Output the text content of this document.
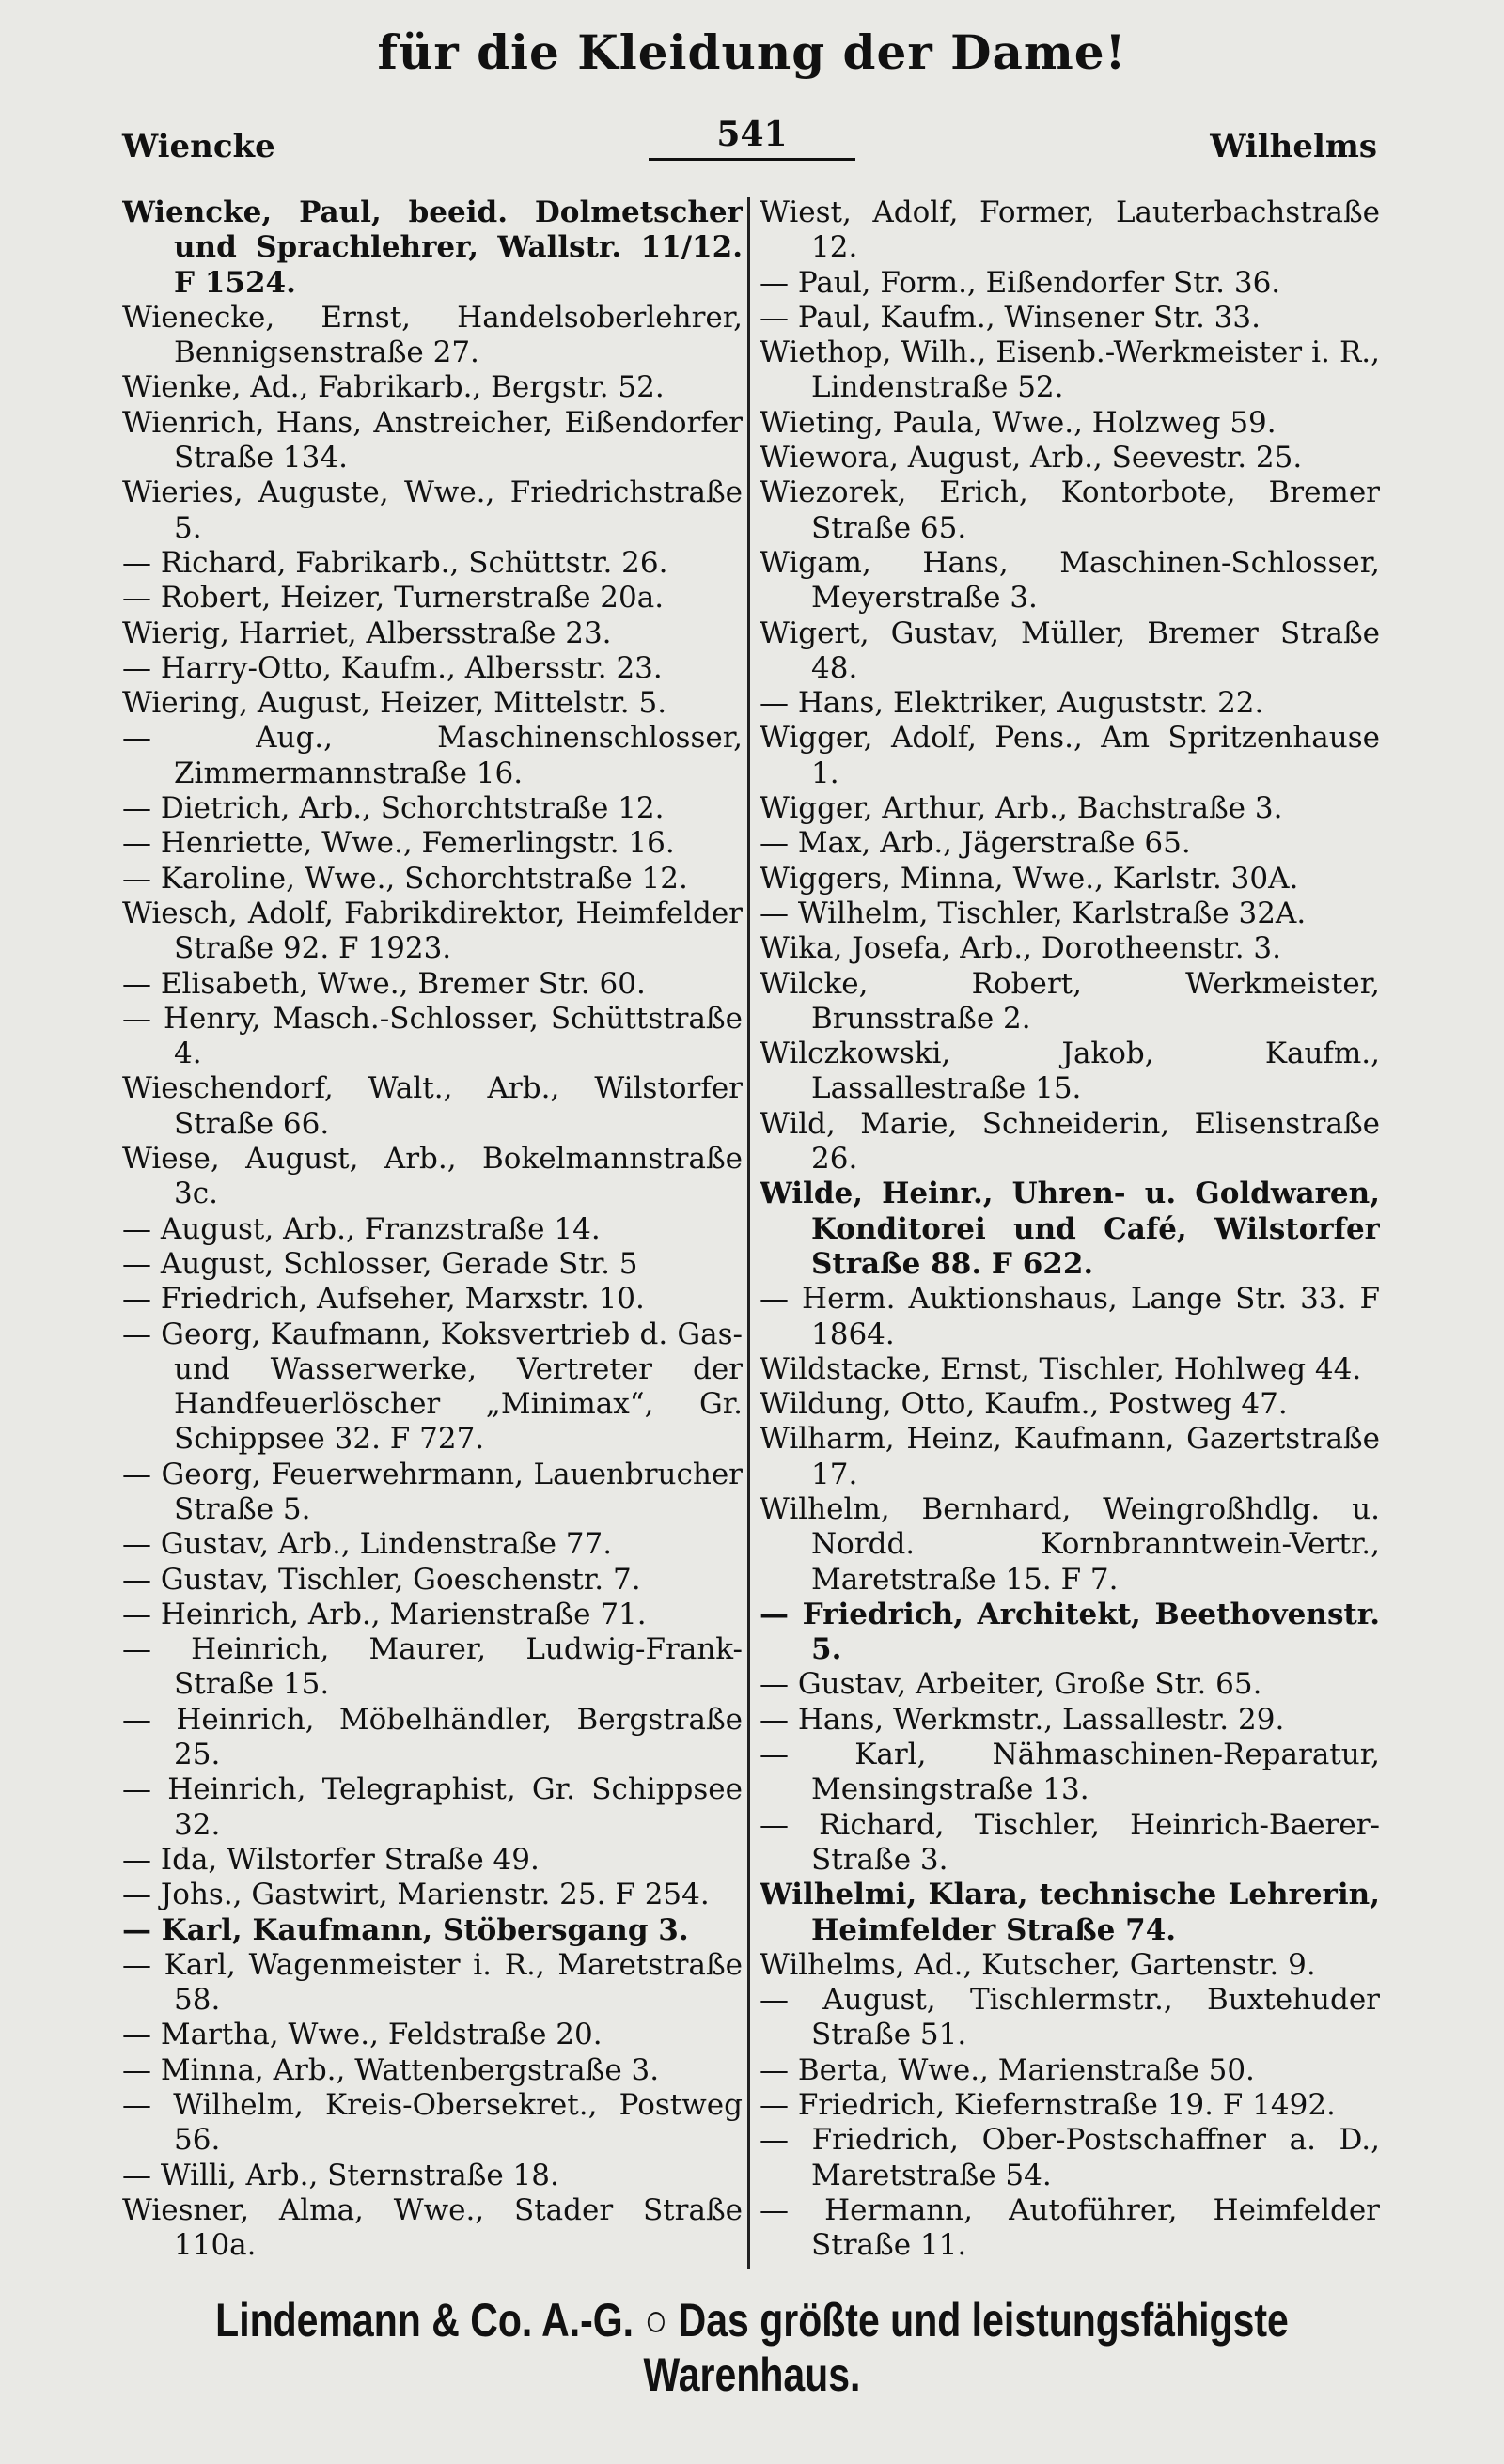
für die Kleidung der Dame!
Wiencke	541	Wilhelms

Wiencke, Paul, beeid. Dolmetscher und Sprachlehrer, Wallstr. 11/12. F 1524.

Wienecke, Ernst, Handelsoberlehrer, Bennigsenstraße 27.

Wienke, Ad., Fabrikarb., Bergstr. 52.

Wienrich, Hans, Anstreicher, Eißendorfer Straße 134.

Wieries, Auguste, Wwe., Friedrichstraße 5.

— Richard, Fabrikarb., Schüttstr. 26.

— Robert, Heizer, Turnerstraße 20a.

Wierig, Harriet, Albersstraße 23.

— Harry-Otto, Kaufm., Albersstr. 23.

Wiering, August, Heizer, Mittelstr. 5.

— Aug., Maschinenschlosser, Zimmermannstraße 16.

— Dietrich, Arb., Schorchtstraße 12.

— Henriette, Wwe., Femerlingstr. 16.

— Karoline, Wwe., Schorchtstraße 12.

Wiesch, Adolf, Fabrikdirektor, Heimfelder Straße 92. F 1923.

— Elisabeth, Wwe., Bremer Str. 60.

— Henry, Masch.-Schlosser, Schüttstraße 4.

Wieschendorf, Walt., Arb., Wilstorfer Straße 66.

Wiese, August, Arb., Bokelmannstraße 3c.

— August, Arb., Franzstraße 14.

— August, Schlosser, Gerade Str. 5

— Friedrich, Aufseher, Marxstr. 10.

— Georg, Kaufmann, Koksvertrieb d. Gas- und Wasserwerke, Vertreter der Handfeuerlöscher „Minimax“, Gr. Schippsee 32. F 727.

— Georg, Feuerwehrmann, Lauenbrucher Straße 5.

— Gustav, Arb., Lindenstraße 77.

— Gustav, Tischler, Goeschenstr. 7.

— Heinrich, Arb., Marienstraße 71.

— Heinrich, Maurer, Ludwig-Frank-Straße 15.

— Heinrich, Möbelhändler, Bergstraße 25.

— Heinrich, Telegraphist, Gr. Schippsee 32.

— Ida, Wilstorfer Straße 49.

— Johs., Gastwirt, Marienstr. 25. F 254.

— Karl, Kaufmann, Stöbersgang 3.

— Karl, Wagenmeister i. R., Maretstraße 58.

— Martha, Wwe., Feldstraße 20.

— Minna, Arb., Wattenbergstraße 3.

— Wilhelm, Kreis-Obersekret., Postweg 56.

— Willi, Arb., Sternstraße 18.

Wiesner, Alma, Wwe., Stader Straße 110a.

Wiest, Adolf, Former, Lauterbachstraße 12.

— Paul, Form., Eißendorfer Str. 36.

— Paul, Kaufm., Winsener Str. 33.

Wiethop, Wilh., Eisenb.-Werkmeister i. R., Lindenstraße 52.

Wieting, Paula, Wwe., Holzweg 59.

Wiewora, August, Arb., Seevestr. 25.

Wiezorek, Erich, Kontorbote, Bremer Straße 65.

Wigam, Hans, Maschinen-Schlosser, Meyerstraße 3.

Wigert, Gustav, Müller, Bremer Straße 48.

— Hans, Elektriker, Auguststr. 22.

Wigger, Adolf, Pens., Am Spritzenhause 1.

Wigger, Arthur, Arb., Bachstraße 3.

— Max, Arb., Jägerstraße 65.

Wiggers, Minna, Wwe., Karlstr. 30A.

— Wilhelm, Tischler, Karlstraße 32A.

Wika, Josefa, Arb., Dorotheenstr. 3.

Wilcke, Robert, Werkmeister, Brunsstraße 2.

Wilczkowski, Jakob, Kaufm., Lassallestraße 15.

Wild, Marie, Schneiderin, Elisenstraße 26.

Wilde, Heinr., Uhren- u. Goldwaren, Konditorei und Café, Wilstorfer Straße 88. F 622.

— Herm. Auktionshaus, Lange Str. 33. F 1864.

Wildstacke, Ernst, Tischler, Hohlweg 44.

Wildung, Otto, Kaufm., Postweg 47.

Wilharm, Heinz, Kaufmann, Gazertstraße 17.

Wilhelm, Bernhard, Weingroßhdlg. u. Nordd. Kornbranntwein-Vertr., Maretstraße 15. F 7.

— Friedrich, Architekt, Beethovenstr. 5.

— Gustav, Arbeiter, Große Str. 65.

— Hans, Werkmstr., Lassallestr. 29.

— Karl, Nähmaschinen-Reparatur, Mensingstraße 13.

— Richard, Tischler, Heinrich-Baerer-Straße 3.

Wilhelmi, Klara, technische Lehrerin, Heimfelder Straße 74.

Wilhelms, Ad., Kutscher, Gartenstr. 9.

— August, Tischlermstr., Buxtehuder Straße 51.

— Berta, Wwe., Marienstraße 50.

— Friedrich, Kiefernstraße 19. F 1492.

— Friedrich, Ober-Postschaffner a. D., Maretstraße 54.

— Hermann, Autoführer, Heimfelder Straße 11.

Lindemann & Co. A.-G. ○ Das größte und leistungsfähigste Warenhaus.
